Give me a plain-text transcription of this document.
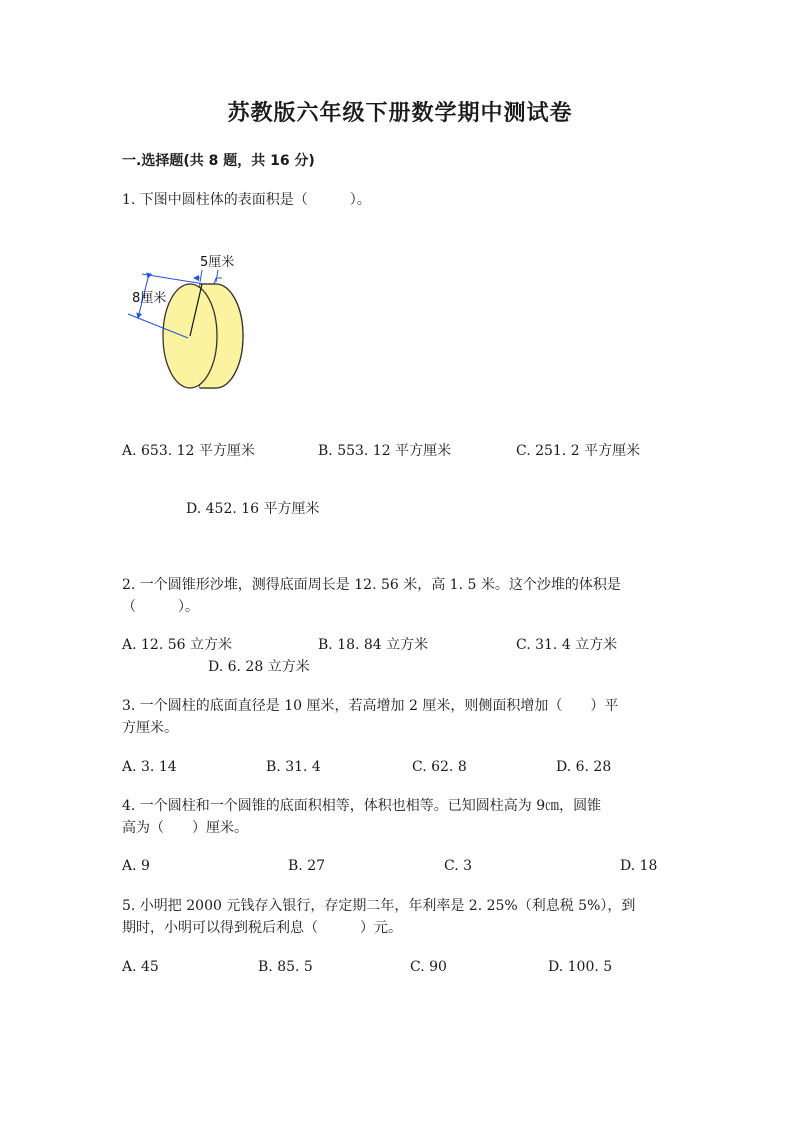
苏教版六年级下册数学期中测试卷
一.选择题(共 8 题，共 16 分)
1. 下图中圆柱体的表面积是（　　　）。
5厘米
8厘米
A. 653. 12 平方厘米	B. 553. 12 平方厘米	C. 251. 2 平方厘米
D. 452. 16 平方厘米
2. 一个圆锥形沙堆，测得底面周长是 12. 56 米，高 1. 5 米。这个沙堆的体积是
（　　　）。
A. 12. 56 立方米	B. 18. 84 立方米	C. 31. 4 立方米
D. 6. 28 立方米
3. 一个圆柱的底面直径是 10 厘米，若高增加 2 厘米，则侧面积增加（　　）平
方厘米。
A. 3. 14	B. 31. 4	C. 62. 8	D. 6. 28
4. 一个圆柱和一个圆锥的底面积相等，体积也相等。已知圆柱高为 9㎝，圆锥
高为（　　）厘米。
A. 9	B. 27	C. 3	D. 18
5. 小明把 2000 元钱存入银行，存定期二年，年利率是 2. 25%（利息税 5%），到
期时，小明可以得到税后利息（　　　）元。
A. 45	B. 85. 5	C. 90	D. 100. 5
